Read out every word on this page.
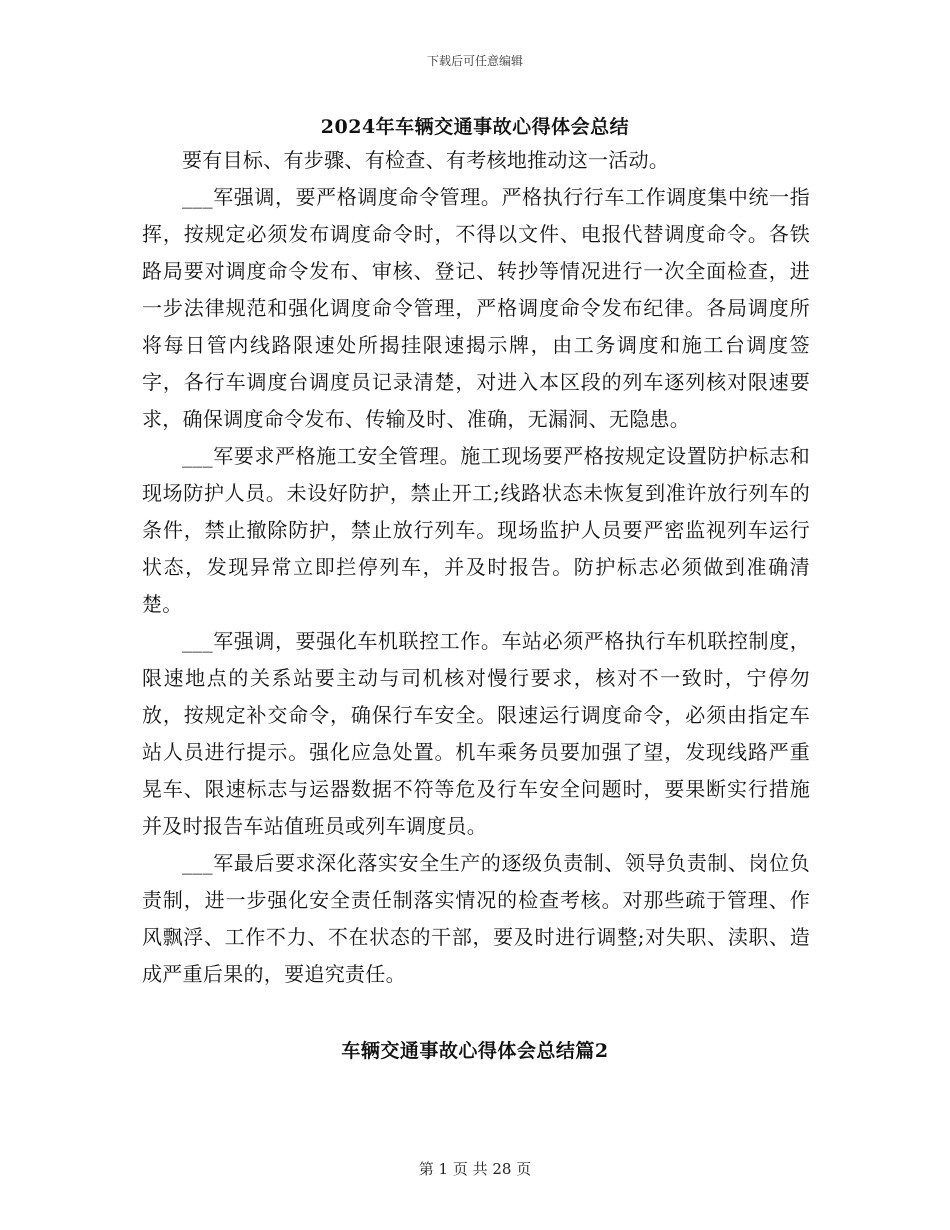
下载后可任意编辑
2024年车辆交通事故心得体会总结

要有目标、有步骤、有检查、有考核地推动这一活动。

___军强调，要严格调度命令管理。严格执行行车工作调度集中统一指挥，按规定必须发布调度命令时，不得以文件、电报代替调度命令。各铁路局要对调度命令发布、审核、登记、转抄等情况进行一次全面检查，进一步法律规范和强化调度命令管理，严格调度命令发布纪律。各局调度所将每日管内线路限速处所揭挂限速揭示牌，由工务调度和施工台调度签字，各行车调度台调度员记录清楚，对进入本区段的列车逐列核对限速要求，确保调度命令发布、传输及时、准确，无漏洞、无隐患。

___军要求严格施工安全管理。施工现场要严格按规定设置防护标志和现场防护人员。未设好防护，禁止开工;线路状态未恢复到准许放行列车的条件，禁止撤除防护，禁止放行列车。现场监护人员要严密监视列车运行状态，发现异常立即拦停列车，并及时报告。防护标志必须做到准确清楚。

___军强调，要强化车机联控工作。车站必须严格执行车机联控制度，限速地点的关系站要主动与司机核对慢行要求，核对不一致时，宁停勿放，按规定补交命令，确保行车安全。限速运行调度命令，必须由指定车站人员进行提示。强化应急处置。机车乘务员要加强了望，发现线路严重晃车、限速标志与运器数据不符等危及行车安全问题时，要果断实行措施并及时报告车站值班员或列车调度员。

___军最后要求深化落实安全生产的逐级负责制、领导负责制、岗位负责制，进一步强化安全责任制落实情况的检查考核。对那些疏于管理、作风飘浮、工作不力、不在状态的干部，要及时进行调整;对失职、渎职、造成严重后果的，要追究责任。

车辆交通事故心得体会总结篇2
第 1 页 共 28 页
